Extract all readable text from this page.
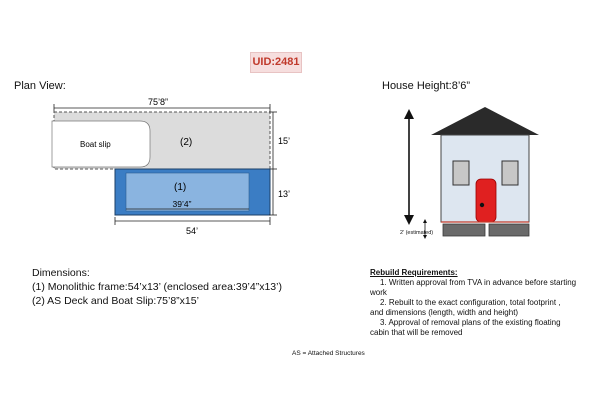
UID:2481
Plan View:
75’8”
Boat slip	(2)	15’
(1)
39’4”
13’
54’
House Height:8’6”
2’ (estimated)
Dimensions:
(1) Monolithic frame:54’x13’ (enclosed area:39’4”x13’)
(2) AS Deck and Boat Slip:75’8”x15’
Rebuild Requirements:
1. Written approval from TVA in advance before starting
work
2. Rebuilt to the exact configuration, total footprint ,
and dimensions (length, width and height)
3. Approval of removal plans of the existing floating
cabin that will be removed
AS = Attached Structures
